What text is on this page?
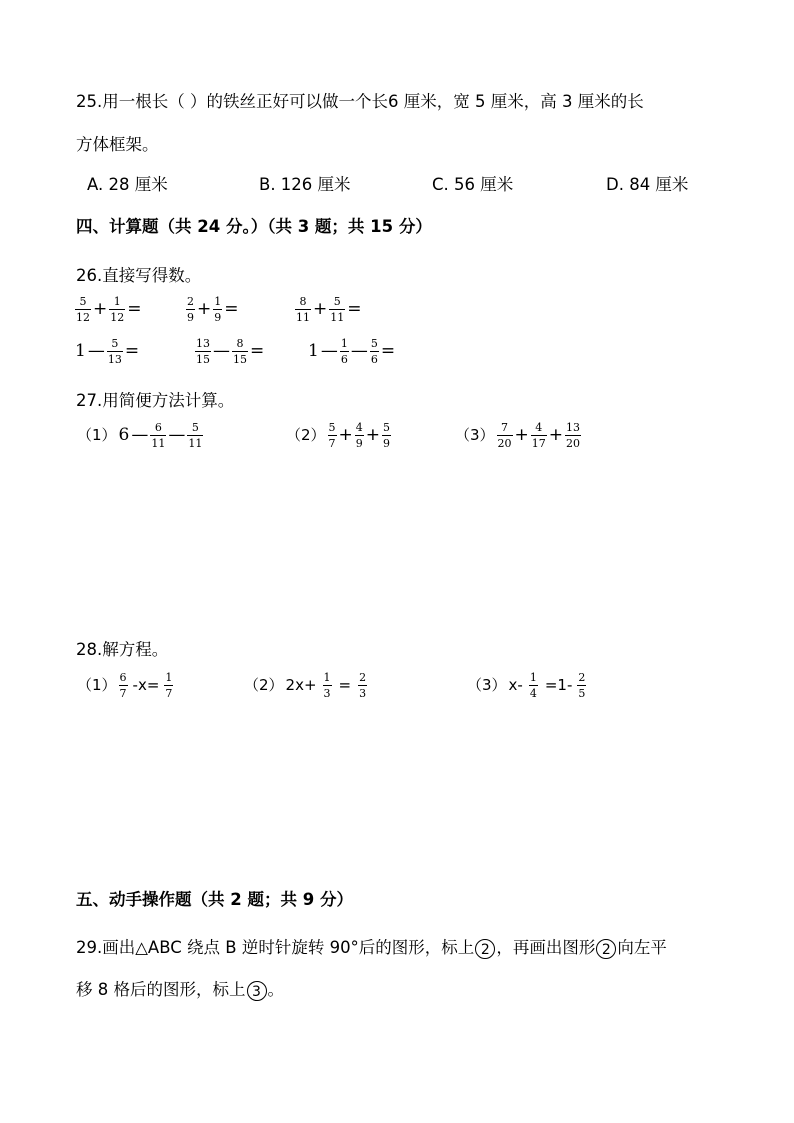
25.用一根长（ ）的铁丝正好可以做一个长6 厘米，宽 5 厘米，高 3 厘米的长
方体框架。
A. 28 厘米	B. 126 厘米	C. 56 厘米	D. 84 厘米
四、计算题（共 24 分。）（共 3 题；共 15 分）
26.直接写得数。
$\frac{5}{12} + \frac{1}{12}$ =	$\frac{2}{9} + \frac{1}{9}$ =	$\frac{8}{11} + \frac{5}{11}$ =
1 — $\frac{5}{13}$ =	$\frac{13}{15}$ — $\frac{8}{15}$ =	1 — $\frac{1}{6}$ — $\frac{5}{6}$ =
27.用简便方法计算。
（1） 6 — $\frac{6}{11}$ — $\frac{5}{11}$	$(2) \frac{5}{7} + \frac{4}{9} + \frac{5}{9}$	$(3) \frac{7}{20} + \frac{4}{17} + \frac{13}{20}$
28.解方程。
$(1) \frac{6}{7} -x= \frac{1}{7}$	（2） $2x+ \frac{1}{3} = \frac{2}{3}$	（3） $x- \frac{1}{4} =1- \frac{2}{5}$
五、动手操作题（共 2 题；共 9 分）
29.画出△ABC 绕点 B 逆时针旋转 90°后的图形，标上 2 ，再画出图形 2 向左平
移 8 格后的图形，标上 3 。
